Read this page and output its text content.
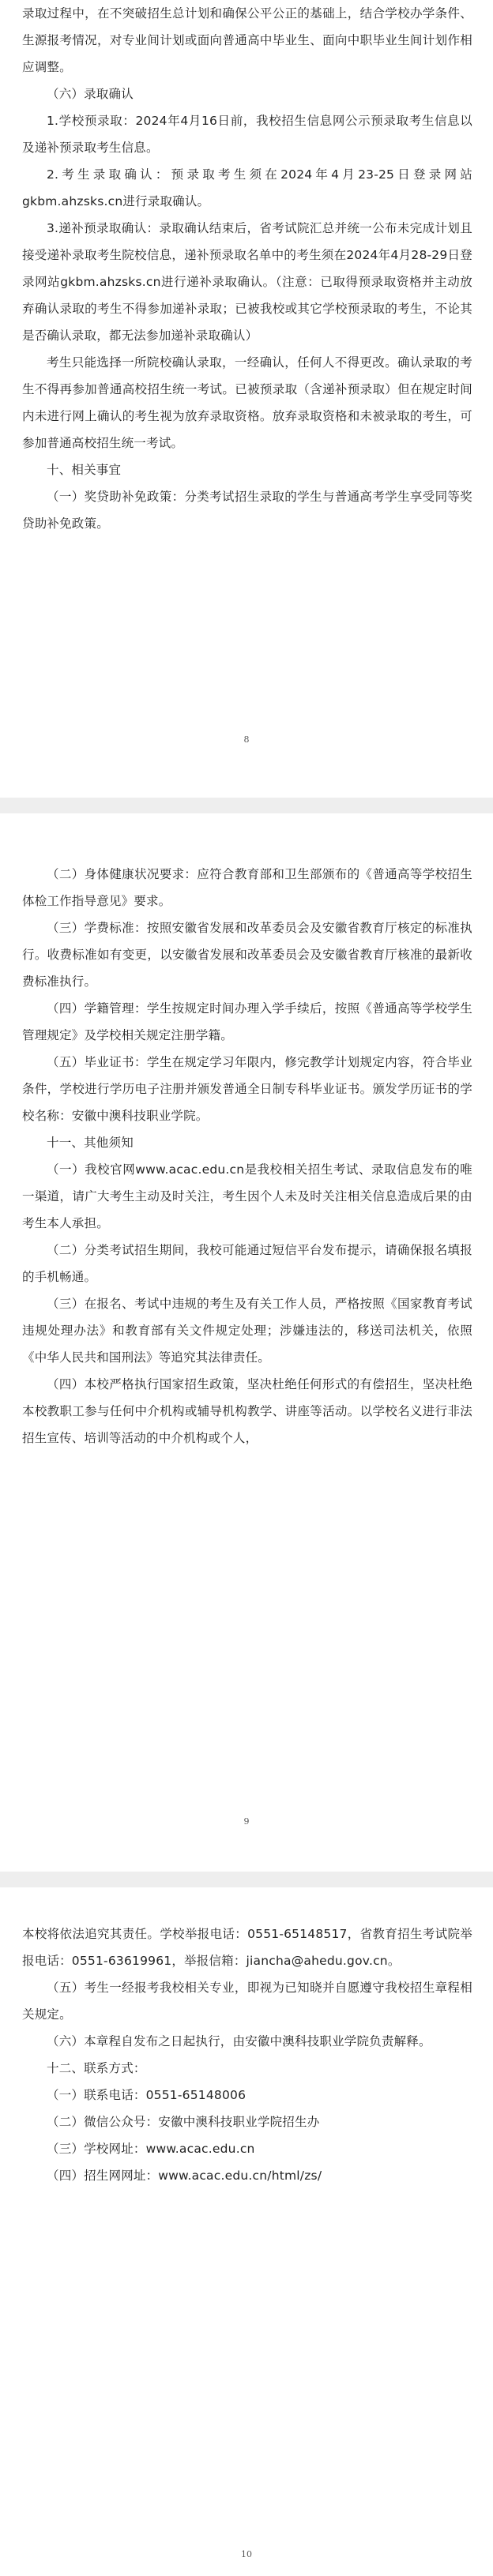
录取过程中，在不突破招生总计划和确保公平公正的基础上，结合学校办学条件、生源报考情况，对专业间计划或面向普通高中毕业生、面向中职毕业生间计划作相应调整。

（六）录取确认

1.学校预录取：2024年4月16日前，我校招生信息网公示预录取考生信息以及递补预录取考生信息。

2.考生录取确认：预录取考生须在2024年4月23-25日登录网站gkbm.ahzsks.cn进行录取确认。

3.递补预录取确认：录取确认结束后，省考试院汇总并统一公布未完成计划且接受递补录取考生院校信息，递补预录取名单中的考生须在2024年4月28-29日登录网站gkbm.ahzsks.cn进行递补录取确认。（注意：已取得预录取资格并主动放弃确认录取的考生不得参加递补录取；已被我校或其它学校预录取的考生，不论其是否确认录取，都无法参加递补录取确认）

考生只能选择一所院校确认录取，一经确认，任何人不得更改。确认录取的考生不得再参加普通高校招生统一考试。已被预录取（含递补预录取）但在规定时间内未进行网上确认的考生视为放弃录取资格。放弃录取资格和未被录取的考生，可参加普通高校招生统一考试。

十、相关事宜

（一）奖贷助补免政策：分类考试招生录取的学生与普通高考学生享受同等奖贷助补免政策。

8

（二）身体健康状况要求：应符合教育部和卫生部颁布的《普通高等学校招生体检工作指导意见》要求。

（三）学费标准：按照安徽省发展和改革委员会及安徽省教育厅核定的标准执行。收费标准如有变更，以安徽省发展和改革委员会及安徽省教育厅核准的最新收费标准执行。

（四）学籍管理：学生按规定时间办理入学手续后，按照《普通高等学校学生管理规定》及学校相关规定注册学籍。

（五）毕业证书：学生在规定学习年限内，修完教学计划规定内容，符合毕业条件，学校进行学历电子注册并颁发普通全日制专科毕业证书。颁发学历证书的学校名称：安徽中澳科技职业学院。

十一、其他须知

（一）我校官网www.acac.edu.cn是我校相关招生考试、录取信息发布的唯一渠道，请广大考生主动及时关注，考生因个人未及时关注相关信息造成后果的由考生本人承担。

（二）分类考试招生期间，我校可能通过短信平台发布提示，请确保报名填报的手机畅通。

（三）在报名、考试中违规的考生及有关工作人员，严格按照《国家教育考试违规处理办法》和教育部有关文件规定处理；涉嫌违法的，移送司法机关，依照《中华人民共和国刑法》等追究其法律责任。

（四）本校严格执行国家招生政策，坚决杜绝任何形式的有偿招生，坚决杜绝本校教职工参与任何中介机构或辅导机构教学、讲座等活动。以学校名义进行非法招生宣传、培训等活动的中介机构或个人，

9

本校将依法追究其责任。学校举报电话：0551-65148517，省教育招生考试院举报电话：0551-63619961，举报信箱：jiancha@ahedu.gov.cn。

（五）考生一经报考我校相关专业，即视为已知晓并自愿遵守我校招生章程相关规定。

（六）本章程自发布之日起执行，由安徽中澳科技职业学院负责解释。

十二、联系方式：

（一）联系电话：0551-65148006

（二）微信公众号：安徽中澳科技职业学院招生办

（三）学校网址：www.acac.edu.cn

（四）招生网网址：www.acac.edu.cn/html/zs/

10
